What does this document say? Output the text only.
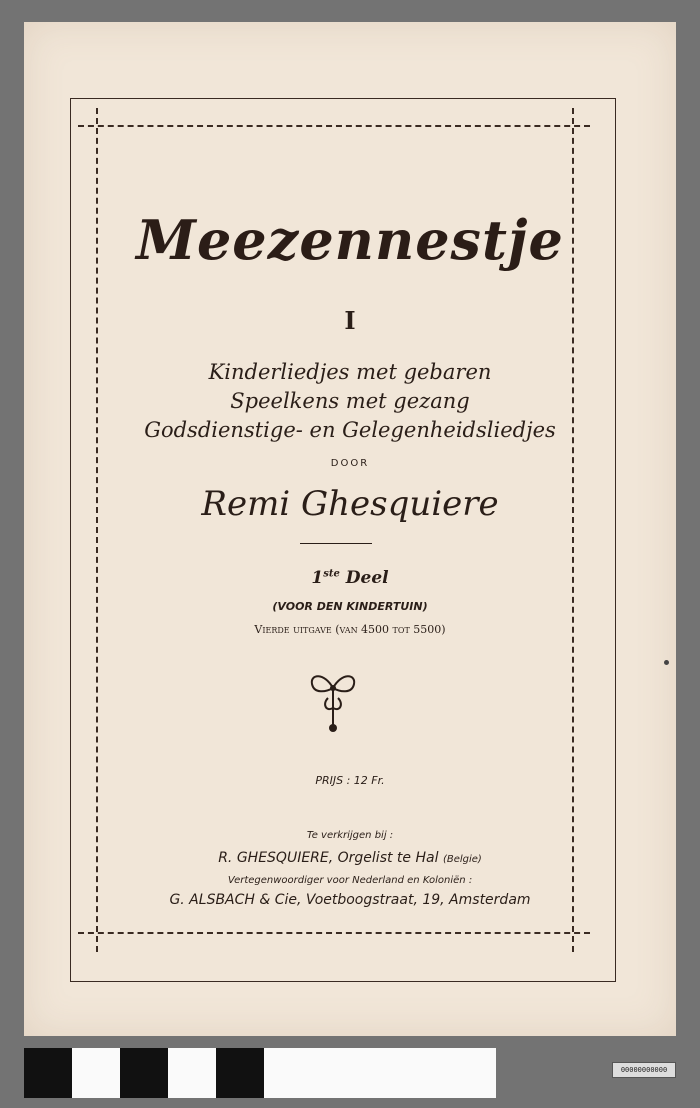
Meezennestje
I
Kinderliedjes met gebaren
Speelkens met gezang
Godsdienstige- en Gelegenheidsliedjes
DOOR
Remi Ghesquiere
1ste Deel
(VOOR DEN KINDERTUIN)
Vierde uitgave (van 4500 tot 5500)
PRIJS : 12 Fr.
Te verkrijgen bij :
R. GHESQUIERE, Orgelist te Hal (Belgie)
Vertegenwoordiger voor Nederland en Koloniën :
G. ALSBACH & Cie, Voetboogstraat, 19, Amsterdam
00000000000
